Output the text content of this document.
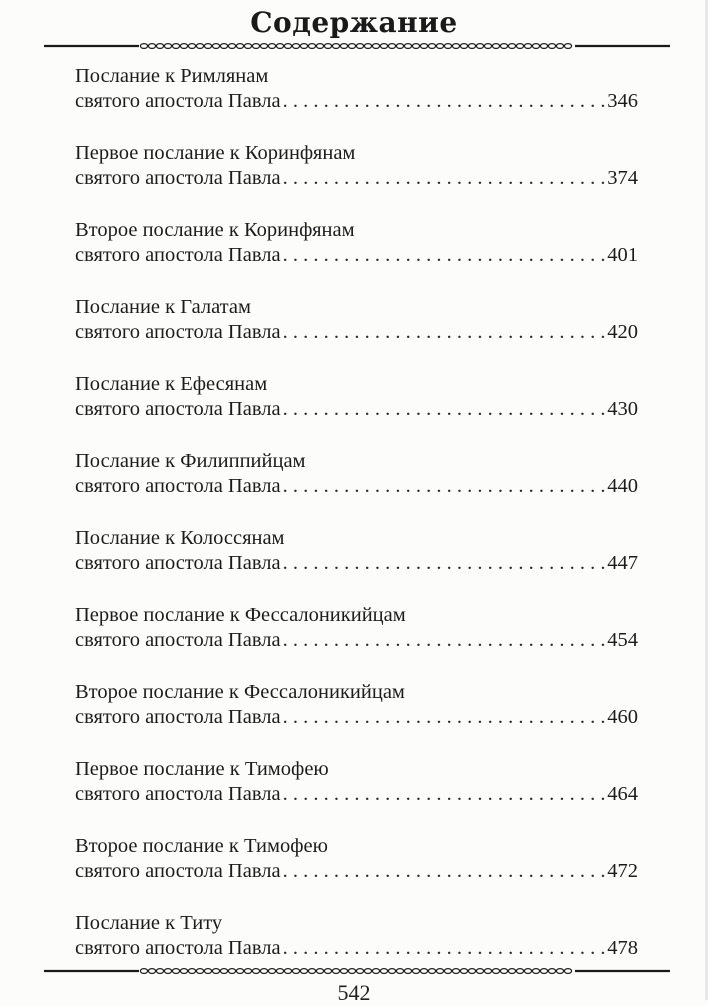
Содержание
Послание к Римлянам
святого апостола Павла . . .	346
Первое послание к Коринфянам
святого апостола Павла . . .	374
Второе послание к Коринфянам
святого апостола Павла . . .	401
Послание к Галатам
святого апостола Павла . . .	420
Послание к Ефесянам
святого апостола Павла . . .	430
Послание к Филиппийцам
святого апостола Павла . . .	440
Послание к Колоссянам
святого апостола Павла . . .	447
Первое послание к Фессалоникийцам
святого апостола Павла . . .	454
Второе послание к Фессалоникийцам
святого апостола Павла . . .	460
Первое послание к Тимофею
святого апостола Павла . . .	464
Второе послание к Тимофею
святого апостола Павла . . .	472
Послание к Титу
святого апостола Павла . . .	478
542
